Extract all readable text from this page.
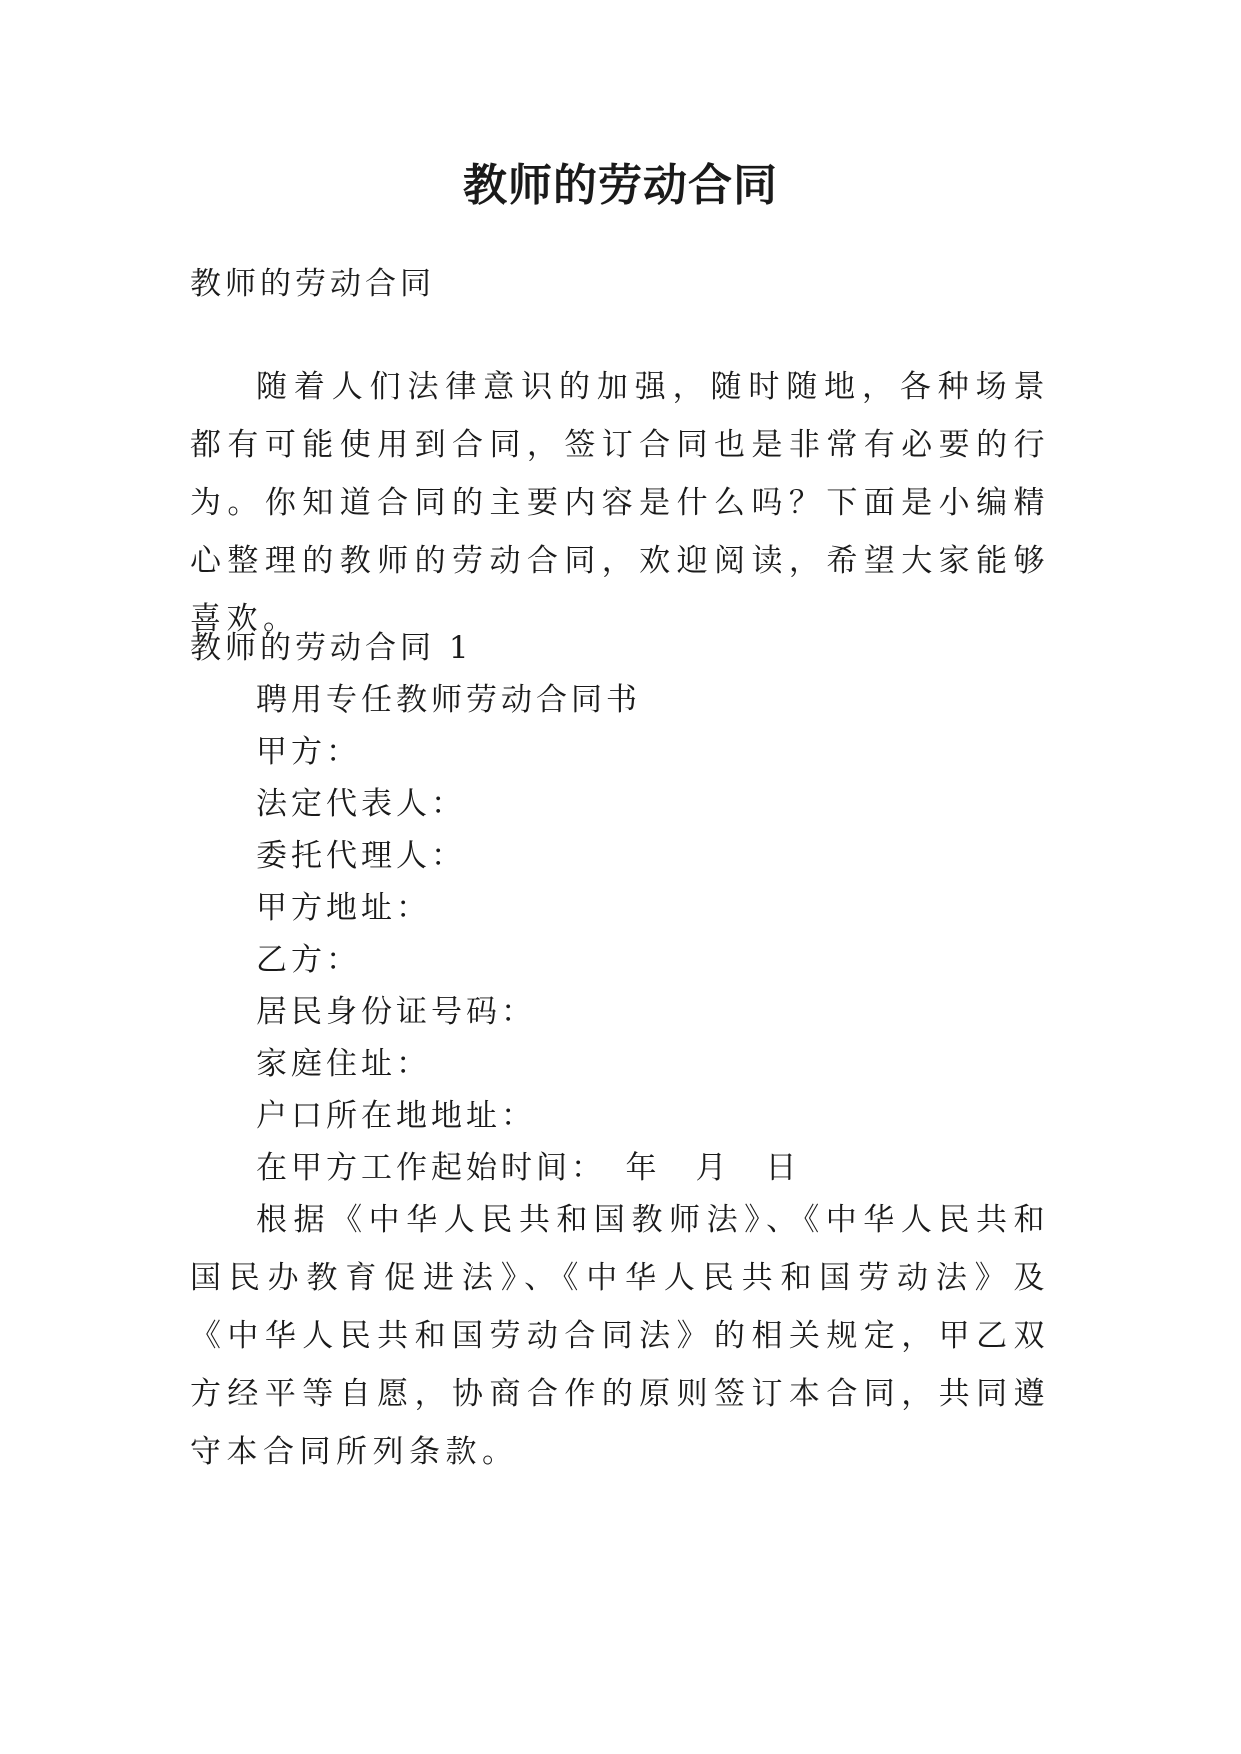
教师的劳动合同

教师的劳动合同

随着人们法律意识的加强，随时随地，各种场景都有可能使用到合同，签订合同也是非常有必要的行为。你知道合同的主要内容是什么吗？下面是小编精心整理的教师的劳动合同，欢迎阅读，希望大家能够喜欢。

教师的劳动合同 1

聘用专任教师劳动合同书

甲方：

法定代表人：

委托代理人：

甲方地址：

乙方：

居民身份证号码：

家庭住址：

户口所在地地址：

在甲方工作起始时间：　年　月　日

根据《中华人民共和国教师法》、《中华人民共和国民办教育促进法》、《中华人民共和国劳动法》及《中华人民共和国劳动合同法》的相关规定，甲乙双方经平等自愿，协商合作的原则签订本合同，共同遵守本合同所列条款。
